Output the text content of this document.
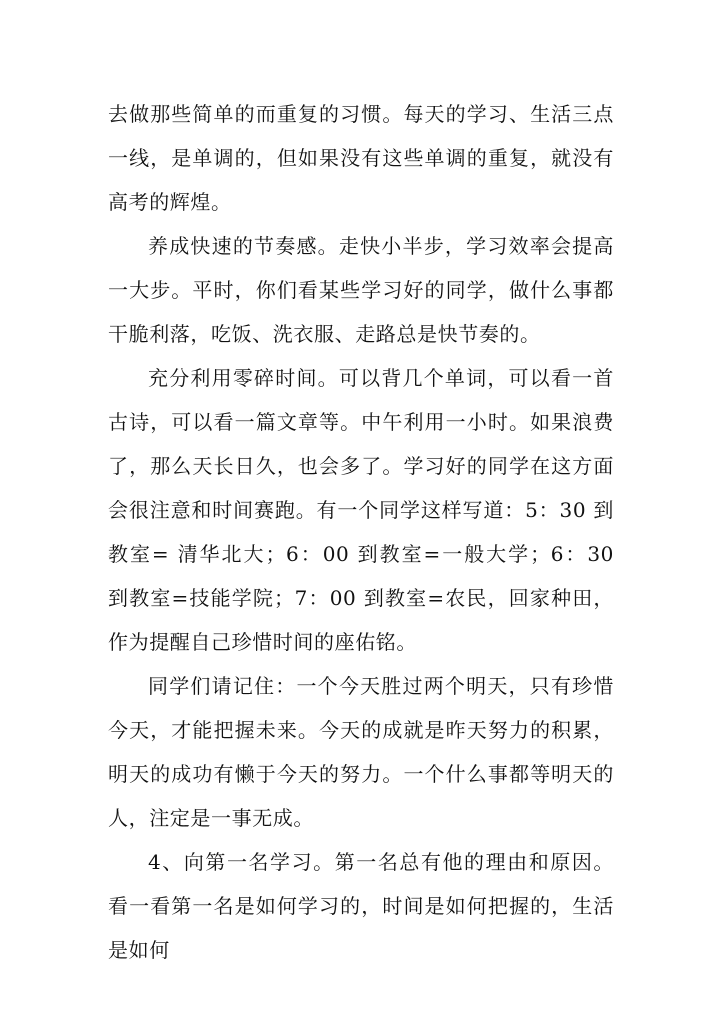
去做那些简单的而重复的习惯。每天的学习、生活三点一线，是单调的，但如果没有这些单调的重复，就没有高考的辉煌。

养成快速的节奏感。走快小半步，学习效率会提高一大步。平时，你们看某些学习好的同学，做什么事都干脆利落，吃饭、洗衣服、走路总是快节奏的。

充分利用零碎时间。可以背几个单词，可以看一首古诗，可以看一篇文章等。中午利用一小时。如果浪费了，那么天长日久，也会多了。学习好的同学在这方面会很注意和时间赛跑。有一个同学这样写道：5：30 到教室= 清华北大；6：00 到教室=一般大学；6：30 到教室=技能学院；7：00 到教室=农民，回家种田，作为提醒自己珍惜时间的座佑铭。

同学们请记住：一个今天胜过两个明天，只有珍惜今天，才能把握未来。今天的成就是昨天努力的积累，明天的成功有懒于今天的努力。一个什么事都等明天的人，注定是一事无成。

4、向第一名学习。第一名总有他的理由和原因。看一看第一名是如何学习的，时间是如何把握的，生活是如何
